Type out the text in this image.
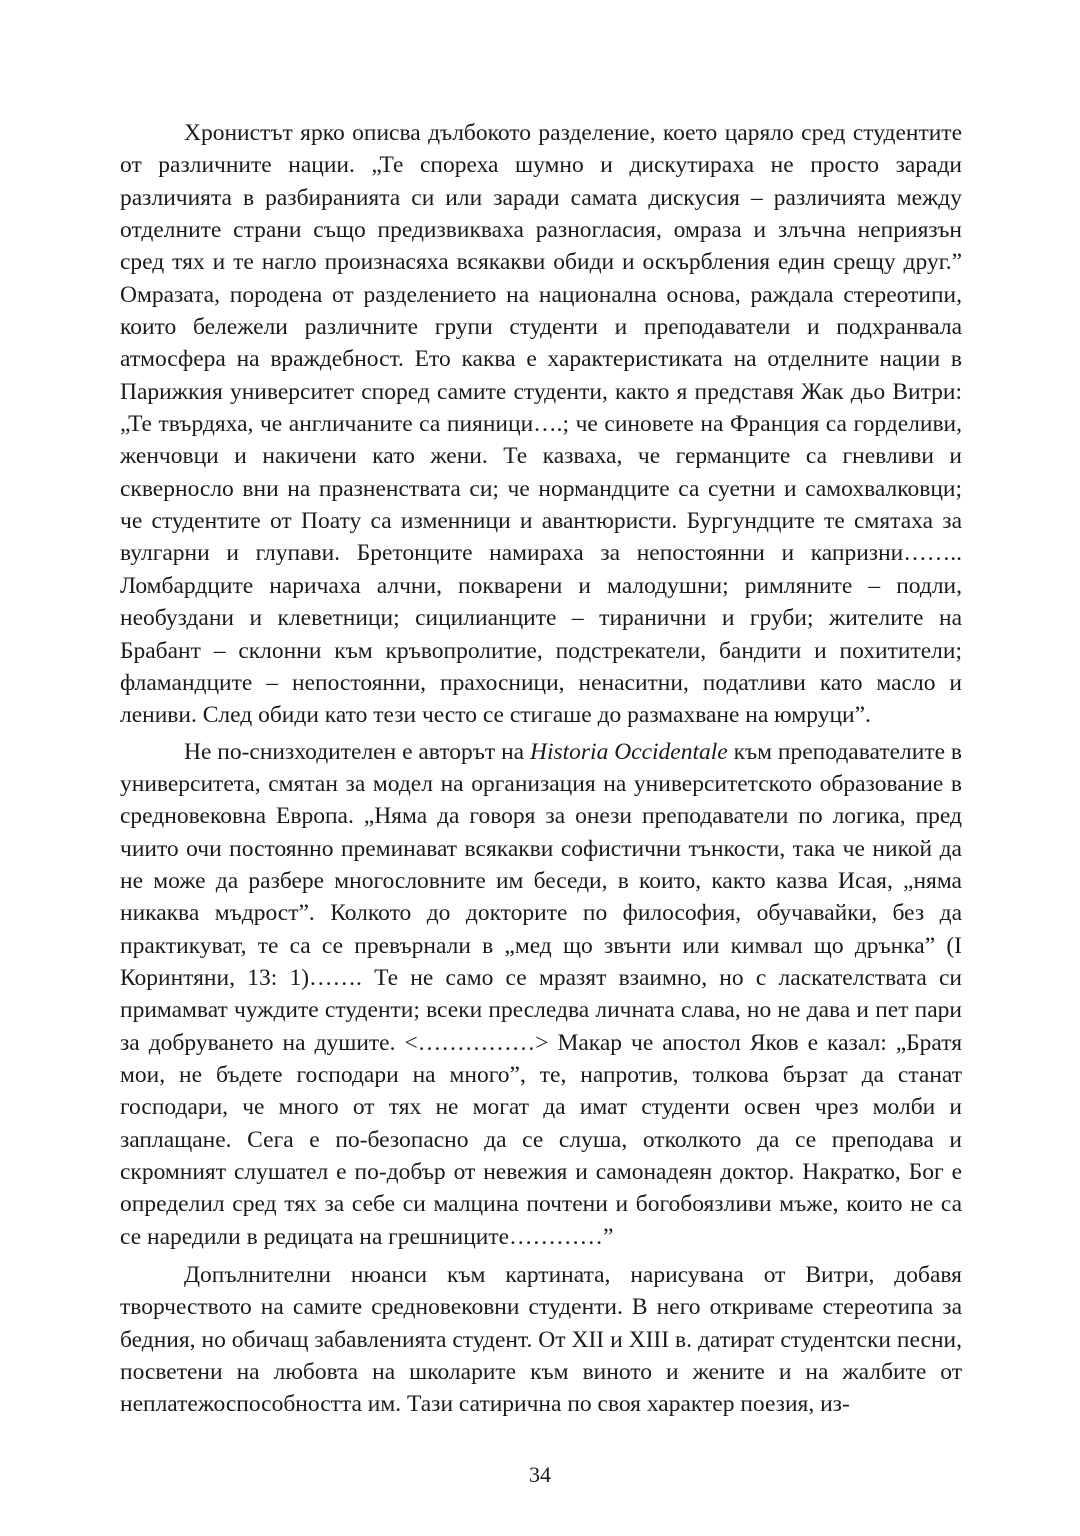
Хронистът ярко описва дълбокото разделение, което царяло сред студентите от различните нации. „Те спореха шумно и дискутираха не просто заради различията в разбиранията си или заради самата дискусия – различията между отделните страни също предизвикваха разногласия, омраза и злъчна неприязън сред тях и те нагло произнасяха всякакви обиди и оскърбления един срещу друг.” Омразата, породена от разделението на национална основа, раждала стереотипи, които бележели различните групи студенти и преподаватели и подхранвала атмосфера на враждебност. Ето каква е характеристиката на отделните нации в Парижкия университет според самите студенти, както я представя Жак дьо Витри: „Те твърдяха, че англичаните са пияници….; че синовете на Франция са горделиви, женчовци и накичени като жени. Те казваха, че германците са гневливи и скверносло вни на празненствата си; че нормандците са суетни и самохвалковци; че студентите от Поату са изменници и авантюристи. Бургундците те смятаха за вулгарни и глупави. Бретонците намираха за непостоянни и капризни…….. Ломбардците наричаха алчни, покварени и малодушни; римляните – подли, необуздани и клеветници; сицилианците – тиранични и груби; жителите на Брабант – склонни към кръвопролитие, подстрекатели, бандити и похитители; фламандците – непостоянни, прахосници, ненаситни, податливи като масло и лениви. След обиди като тези често се стигаше до размахване на юмруци”.

Не по-снизходителен е авторът на Historia Occidentale към преподавателите в университета, смятан за модел на организация на университетското образование в средновековна Европа. „Няма да говоря за онези преподаватели по логика, пред чиито очи постоянно преминават всякакви софистични тънкости, така че никой да не може да разбере многословните им беседи, в които, както казва Исая, „няма никаква мъдрост”. Колкото до докторите по философия, обучавайки, без да практикуват, те са се превърнали в „мед що звънти или кимвал що дрънка” (I Коринтяни, 13: 1)……. Те не само се мразят взаимно, но с ласкателствата си примамват чуждите студенти; всеки преследва личната слава, но не дава и пет пари за добруването на душите. <……………> Макар че апостол Яков е казал: „Братя мои, не бъдете господари на много”, те, напротив, толкова бързат да станат господари, че много от тях не могат да имат студенти освен чрез молби и заплащане. Сега е по-безопасно да се слуша, отколкото да се преподава и скромният слушател е по-добър от невежия и самонадеян доктор. Накратко, Бог е определил сред тях за себе си малцина почтени и богобоязливи мъже, които не са се наредили в редицата на грешниците…………”

Допълнителни нюанси към картината, нарисувана от Витри, добавя творчеството на самите средновековни студенти. В него откриваме стереотипа за бедния, но обичащ забавленията студент. От XII и XIII в. датират студентски песни, посветени на любовта на школарите към виното и жените и на жалбите от неплатежоспособността им. Тази сатирична по своя характер поезия, из-

34
